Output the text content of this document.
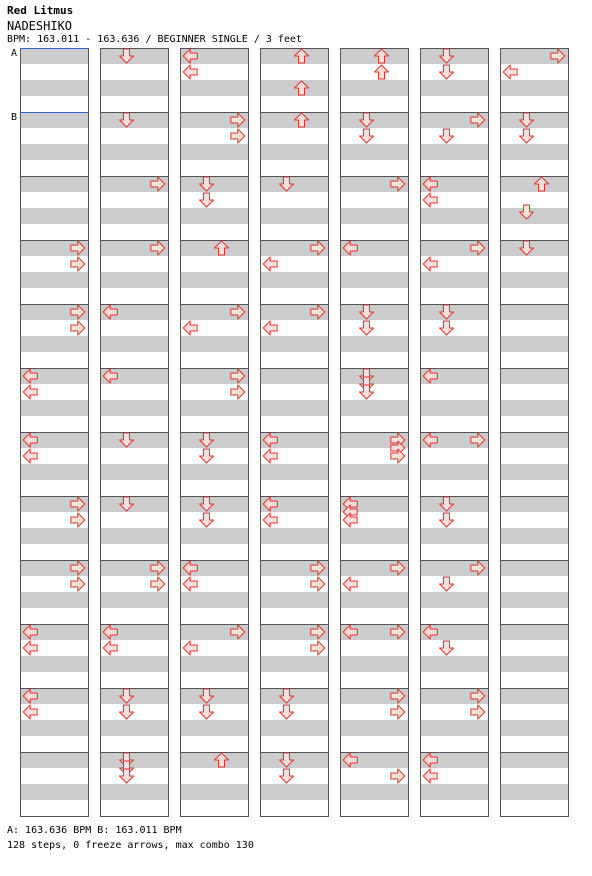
Red Litmus
NADESHIKO
BPM: 163.011 - 163.636 / BEGINNER SINGLE / 3 feet
A
B
A: 163.636 BPM B: 163.011 BPM
128 steps, 0 freeze arrows, max combo 130
